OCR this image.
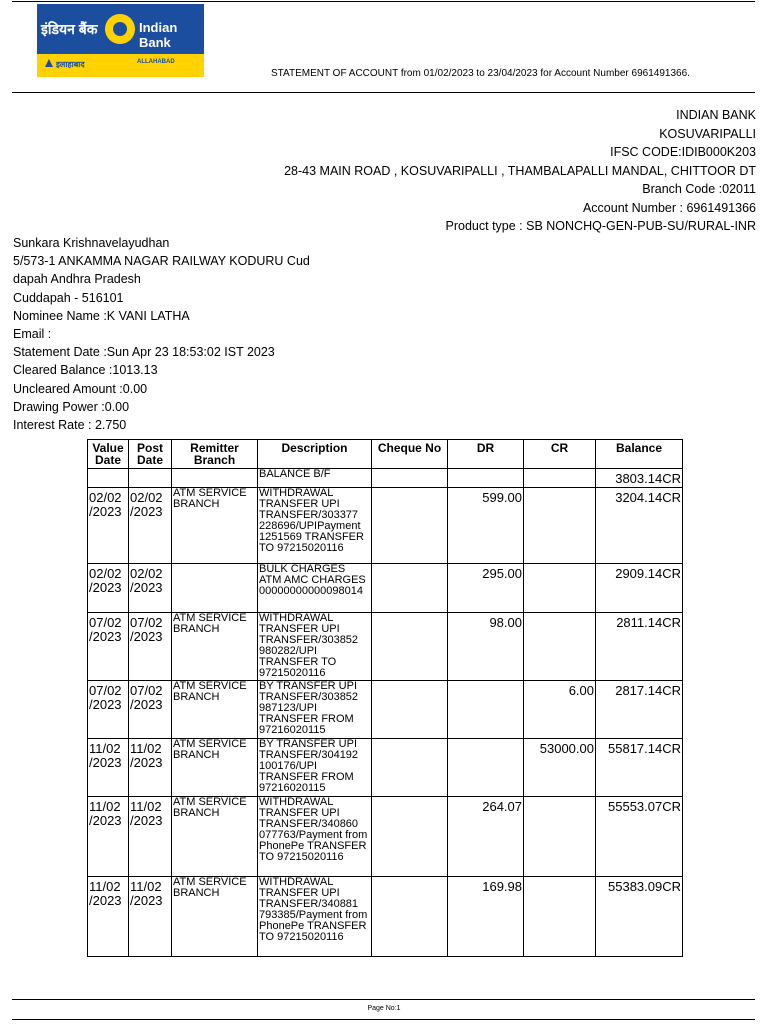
इंडियन बैंक	Indian Bank
इलाहाबाद	ALLAHABAD
STATEMENT OF ACCOUNT from 01/02/2023 to 23/04/2023 for Account Number 6961491366.
INDIAN BANK
KOSUVARIPALLI
IFSC CODE:IDIB000K203
28-43 MAIN ROAD , KOSUVARIPALLI , THAMBALAPALLI MANDAL, CHITTOOR DT
Branch Code :02011
Account Number : 6961491366
Product type : SB NONCHQ-GEN-PUB-SU/RURAL-INR
Sunkara Krishnavelayudhan
5/573-1 ANKAMMA NAGAR RAILWAY KODURU Cud
dapah Andhra Pradesh
Cuddapah - 516101
Nominee Name :K VANI LATHA
Email :
Statement Date :Sun Apr 23 18:53:02 IST 2023
Cleared Balance :1013.13
Uncleared Amount :0.00
Drawing Power :0.00
Interest Rate : 2.750
Value Date	Post Date	Remitter Branch	Description	Cheque No	DR	CR	Balance
			BALANCE B/F				3803.14CR
02/02 /2023	02/02 /2023	ATM SERVICE BRANCH	WITHDRAWAL TRANSFER UPI TRANSFER/303377 228696/UPIPayment 1251569 TRANSFER TO 97215020116		599.00		3204.14CR
02/02 /2023	02/02 /2023		BULK CHARGES ATM AMC CHARGES 00000000000098014		295.00		2909.14CR
07/02 /2023	07/02 /2023	ATM SERVICE BRANCH	WITHDRAWAL TRANSFER UPI TRANSFER/303852 980282/UPI TRANSFER TO 97215020116		98.00		2811.14CR
07/02 /2023	07/02 /2023	ATM SERVICE BRANCH	BY TRANSFER UPI TRANSFER/303852 987123/UPI TRANSFER FROM 97216020115			6.00	2817.14CR
11/02 /2023	11/02 /2023	ATM SERVICE BRANCH	BY TRANSFER UPI TRANSFER/304192 100176/UPI TRANSFER FROM 97216020115			53000.00	55817.14CR
11/02 /2023	11/02 /2023	ATM SERVICE BRANCH	WITHDRAWAL TRANSFER UPI TRANSFER/340860 077763/Payment from PhonePe TRANSFER TO 97215020116		264.07		55553.07CR
11/02 /2023	11/02 /2023	ATM SERVICE BRANCH	WITHDRAWAL TRANSFER UPI TRANSFER/340881 793385/Payment from PhonePe TRANSFER TO 97215020116		169.98		55383.09CR
Page No:1
